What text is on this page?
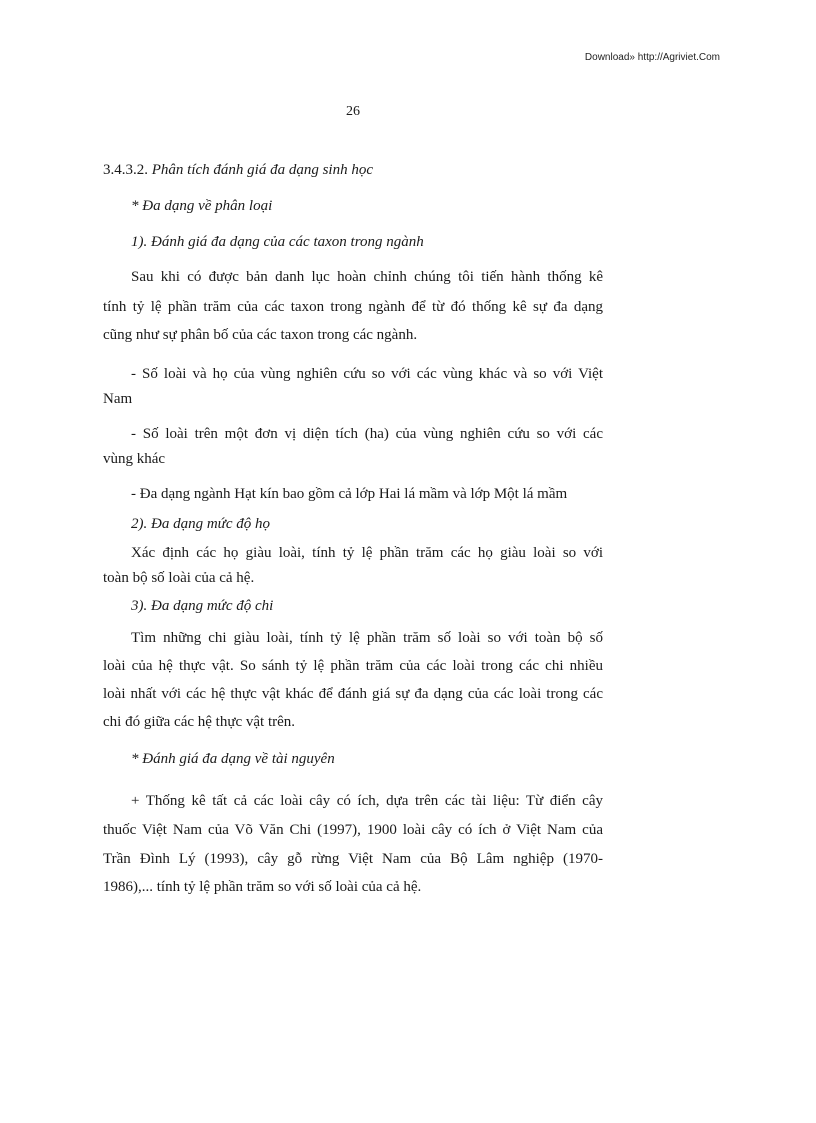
Download» http://Agriviet.Com
26
3.4.3.2. Phân tích đánh giá đa dạng sinh học
* Đa dạng về phân loại
1). Đánh giá đa dạng của các taxon trong ngành
Sau khi có được bản danh lục hoàn chỉnh chúng tôi tiến hành thống kê
tính tỷ lệ phần trăm của các taxon trong ngành để từ đó thống kê sự đa dạng
cũng như sự phân bố của các taxon trong các ngành.
- Số loài và họ của vùng nghiên cứu so với các vùng khác và so với Việt
Nam
- Số loài trên một đơn vị diện tích (ha) của vùng nghiên cứu so với các
vùng khác
- Đa dạng ngành Hạt kín bao gồm cả lớp Hai lá mầm và lớp Một lá mầm
2). Đa dạng mức độ họ
Xác định các họ giàu loài, tính tỷ lệ phần trăm các họ giàu loài so với
toàn bộ số loài của cả hệ.
3). Đa dạng mức độ chi
Tìm những chi giàu loài, tính tỷ lệ phần trăm số loài so với toàn bộ số
loài của hệ thực vật. So sánh tỷ lệ phần trăm của các loài trong các chi nhiều
loài nhất với các hệ thực vật khác để đánh giá sự đa dạng của các loài trong các
chi đó giữa các hệ thực vật trên.
* Đánh giá đa dạng về tài nguyên
+ Thống kê tất cả các loài cây có ích, dựa trên các tài liệu: Từ điển cây
thuốc Việt Nam của Võ Văn Chi (1997), 1900 loài cây có ích ở Việt Nam của
Trần Đình Lý (1993), cây gỗ rừng Việt Nam của Bộ Lâm nghiệp (1970-
1986),... tính tỷ lệ phần trăm so với số loài của cả hệ.
